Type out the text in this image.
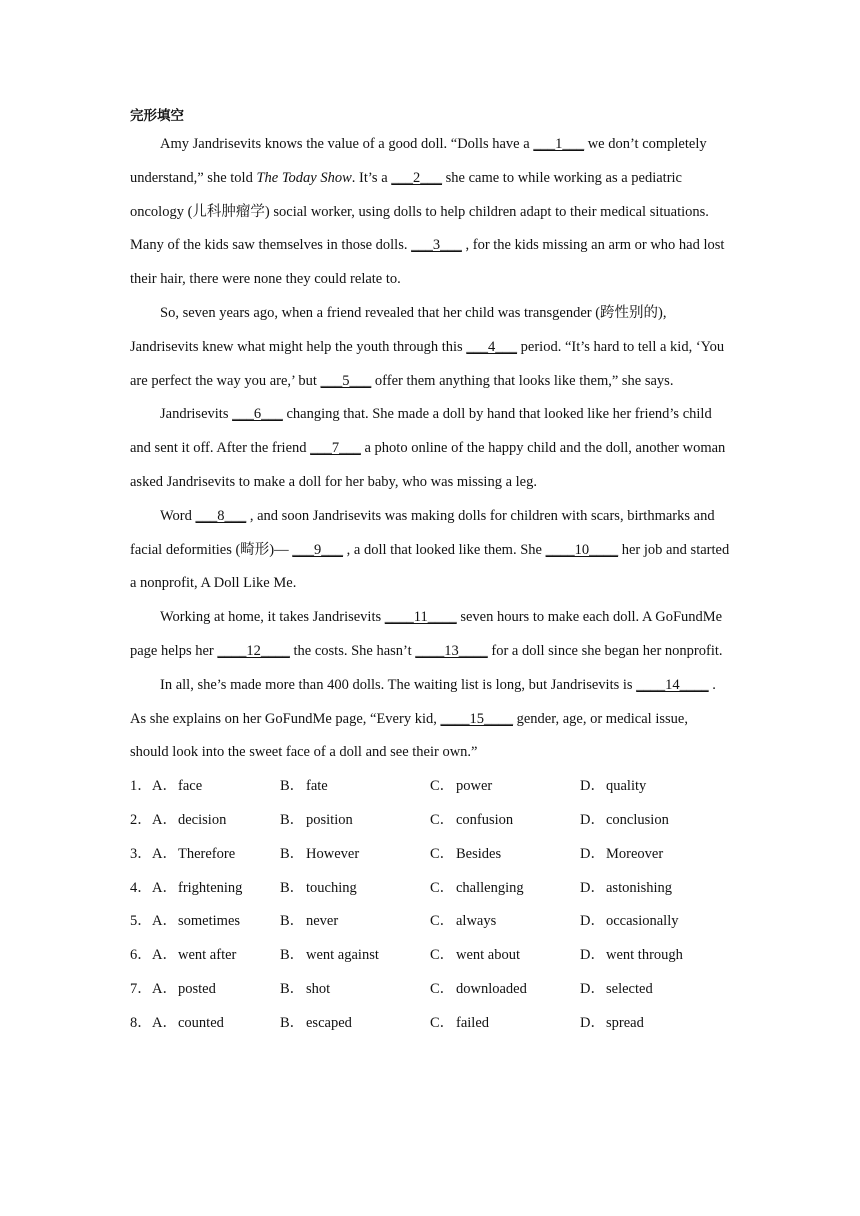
完形填空

Amy Jandrisevits knows the value of a good doll. “Dolls have a ___1___ we don’t completely understand,” she told The Today Show. It’s a ___2___ she came to while working as a pediatric oncology (儿科肿瘤学) social worker, using dolls to help children adapt to their medical situations. Many of the kids saw themselves in those dolls. ___3___ , for the kids missing an arm or who had lost their hair, there were none they could relate to.

So, seven years ago, when a friend revealed that her child was transgender (跨性别的), Jandrisevits knew what might help the youth through this ___4___ period. “It’s hard to tell a kid, ‘You are perfect the way you are,’ but ___5___ offer them anything that looks like them,” she says.

Jandrisevits ___6___ changing that. She made a doll by hand that looked like her friend’s child and sent it off. After the friend ___7___ a photo online of the happy child and the doll, another woman asked Jandrisevits to make a doll for her baby, who was missing a leg.

Word ___8___ , and soon Jandrisevits was making dolls for children with scars, birthmarks and facial deformities (畸形)— ___9___ , a doll that looked like them. She ____10____ her job and started a nonprofit, A Doll Like Me.

Working at home, it takes Jandrisevits ____11____ seven hours to make each doll. A GoFundMe page helps her ____12____ the costs. She hasn’t ____13____ for a doll since she began her nonprofit.

In all, she’s made more than 400 dolls. The waiting list is long, but Jandrisevits is ____14____ . As she explains on her GoFundMe page, “Every kid, ____15____ gender, age, or medical issue, should look into the sweet face of a doll and see their own.”

1． A． face	B． fate	C． power	D． quality
2． A． decision	B． position	C． confusion	D． conclusion
3． A． Therefore	B． However	C． Besides	D． Moreover
4． A． frightening	B． touching	C． challenging	D． astonishing
5． A． sometimes	B． never	C． always	D． occasionally
6． A． went after	B． went against	C． went about	D． went through
7． A． posted	B． shot	C． downloaded	D． selected
8． A． counted	B． escaped	C． failed	D． spread
